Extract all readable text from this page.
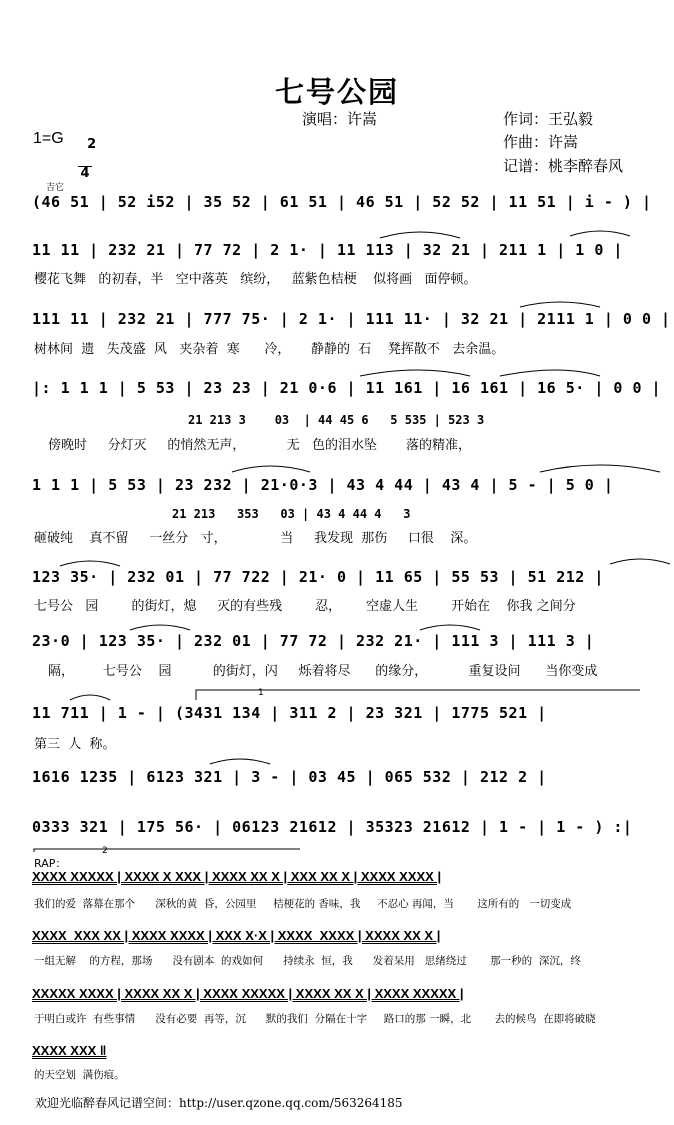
七号公园
演唱：许嵩	作词：王弘毅
作曲：许嵩
记谱：桃李醉春风
1=G	2

4

吉它
(46 51 | 52 i52 | 35 52 | 61 51 | 46 51 | 52 52 | 11 51 | i - ) |
11 11 | 232 21 | 77 72 | 2 1· | 11 113 | 32 21 | 211 1 | 1 0 |
樱花飞舞   的初春，半   空中落英   缤纷，   蓝紫色桔梗    似将画   面停顿。
111 11 | 232 21 | 777 75· | 2 1· | 111 11· | 32 21 | 2111 1 | 0 0 |
树林间  遗   失茂盛  风   夹杂着  寒      冷，     静静的  石    凳挥散不   去余温。
|: 1 1 1 | 5 53 | 23 23 | 21 0·6 | 11 161 | 16 161 | 16 5· | 0 0 |
21 213 3    03  | 44 45 6   5 535 | 523 3
傍晚时     分灯灭     的悄然无声，          无   色的泪水坠       落的精准，
1 1 1 | 5 53 | 23 232 | 21·0·3 | 43 4 44 | 43 4 | 5 - | 5 0 |
21 213   353   03 | 43 4 44 4   3
砸破纯    真不留     一丝分   寸，             当     我发现  那伤     口很    深。
123 35· | 232 01 | 77 722 | 21· 0 | 11 65 | 55 53 | 51 212 |
七号公   园        的街灯，熄     灭的有些残        忍，      空虚人生        开始在    你我 之间分
23·0 | 123 35· | 232 01 | 77 72 | 232 21· | 111 3 | 111 3 |
隔，       七号公    园          的街灯，闪     烁着将尽      的缘分，          重复设问      当你变成
11 711 | 1 - | (3431 134 | 311 2 | 23 321 | 1775 521 |
1
第三  人  称。
1616 1235 | 6123 321 | 3 - | 03 45 | 065 532 | 212 2 |
0333 321 | 175 56· | 06123 21612 | 35323 21612 | 1 - | 1 - ) :|
2
RAP：
XXXX XXXXX | XXXX X XXX | XXXX XX X | XXX XX X | XXXX XXXX |
我们的爱  落幕在那个      深秋的黄  昏，公园里     桔梗花的 香味，我     不忍心 再闻，当       这所有的   一切变成
XXXX  XXX XX | XXXX XXXX | XXX X·X | XXXX  XXXX | XXXX XX X |
一组无解    的方程，那场      没有剧本  的戏如何      持续永  恒，我      发着呆用   思绪绕过       那一秒的  深沉，终
XXXXX XXXX | XXXX XX X | XXXX XXXXX | XXXX XX X | XXXX XXXXX |
于明白或许  有些事情      没有必要  再等，沉      默的我们  分隔在十字     路口的那 一瞬，北       去的候鸟  在即将破晓
XXXX XXX ‖
的天空划  满伤痕。
欢迎光临醉春风记谱空间：http://user.qzone.qq.com/563264185
